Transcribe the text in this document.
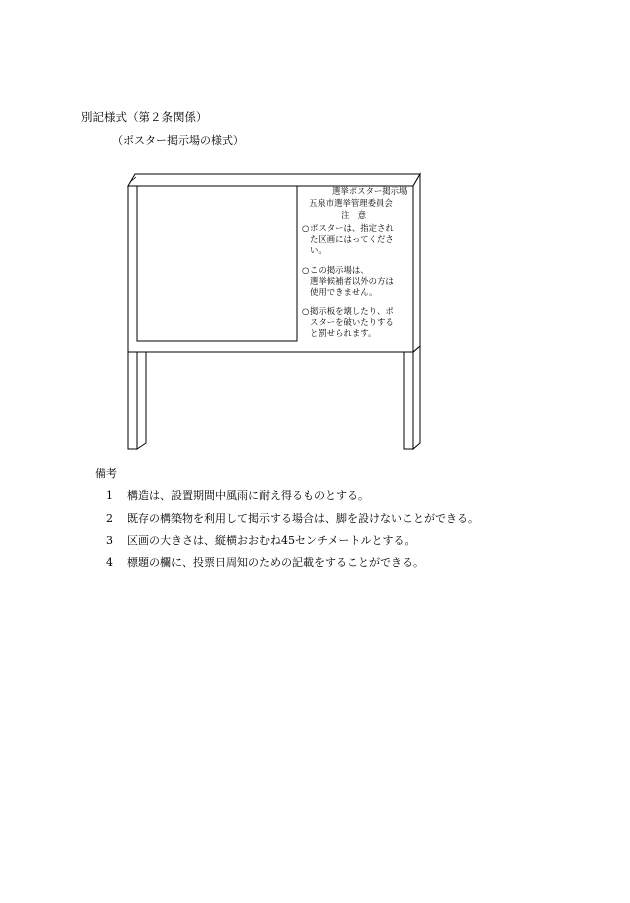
別記様式（第２条関係）
（ポスター掲示場の様式）
選挙ポスター掲示場
五泉市選挙管理委員会
注　意
○ ポスターは、指定され
た区画にはってくださ
い。
○ この掲示場は、
選挙候補者以外の方は
使用できません。
○ 掲示板を壊したり、ポ
スターを破いたりする
と罰せられます。
備考
1 構造は、設置期間中風雨に耐え得るものとする。
2 既存の構築物を利用して掲示する場合は、脚を設けないことができる。
3 区画の大きさは、縦横おおむね45センチメートルとする。
4 標題の欄に、投票日周知のための記載をすることができる。
